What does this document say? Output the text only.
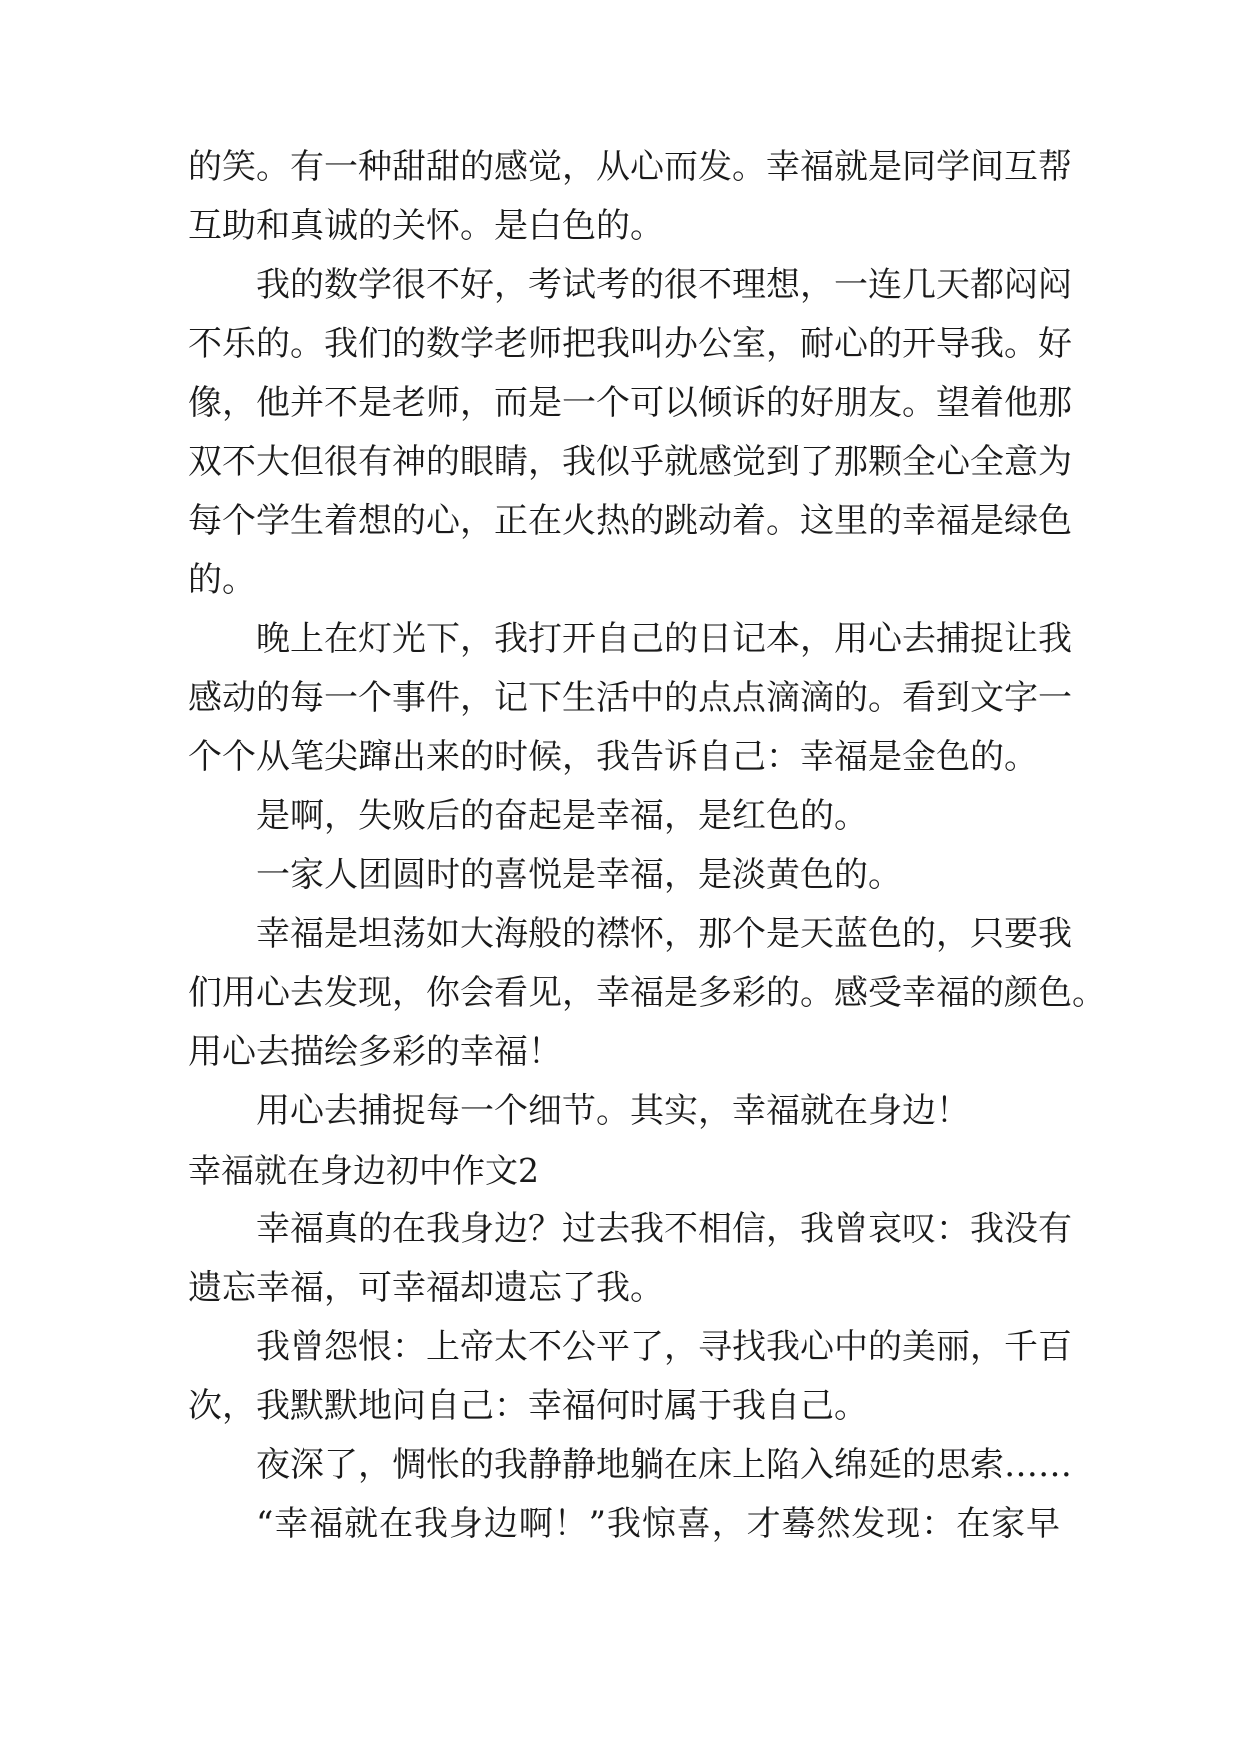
的笑。有一种甜甜的感觉，从心而发。幸福就是同学间互帮
互助和真诚的关怀。是白色的。
我的数学很不好，考试考的很不理想，一连几天都闷闷
不乐的。我们的数学老师把我叫办公室，耐心的开导我。好
像，他并不是老师，而是一个可以倾诉的好朋友。望着他那
双不大但很有神的眼睛，我似乎就感觉到了那颗全心全意为
每个学生着想的心，正在火热的跳动着。这里的幸福是绿色
的。
晚上在灯光下，我打开自己的日记本，用心去捕捉让我
感动的每一个事件，记下生活中的点点滴滴的。看到文字一
个个从笔尖蹿出来的时候，我告诉自己：幸福是金色的。
是啊，失败后的奋起是幸福，是红色的。
一家人团圆时的喜悦是幸福，是淡黄色的。
幸福是坦荡如大海般的襟怀，那个是天蓝色的，只要我
们用心去发现，你会看见，幸福是多彩的。感受幸福的颜色。
用心去描绘多彩的幸福！
用心去捕捉每一个细节。其实，幸福就在身边！
幸福就在身边初中作文2
幸福真的在我身边？过去我不相信，我曾哀叹：我没有
遗忘幸福，可幸福却遗忘了我。
我曾怨恨：上帝太不公平了，寻找我心中的美丽，千百
次，我默默地问自己：幸福何时属于我自己。
夜深了，惆怅的我静静地躺在床上陷入绵延的思索……
“幸福就在我身边啊！”我惊喜，才蓦然发现：在家早
